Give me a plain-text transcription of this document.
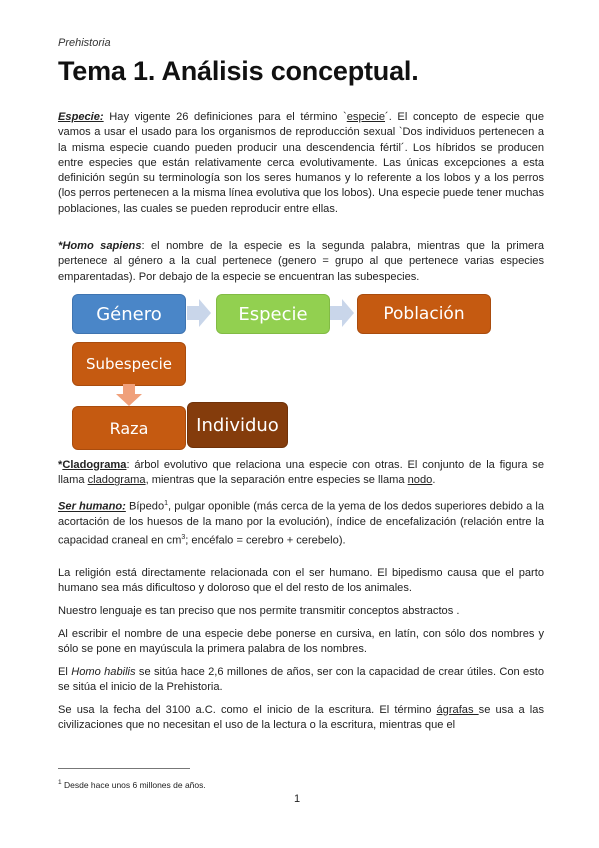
Prehistoria
Tema 1. Análisis conceptual.

Especie: Hay vigente 26 definiciones para el término `especie´. El concepto de especie que vamos a usar el usado para los organismos de reproducción sexual `Dos individuos pertenecen a la misma especie cuando pueden producir una descendencia fértil´. Los híbridos se producen entre especies que están relativamente cerca evolutivamente. Las únicas excepciones a esta definición según su terminología son los seres humanos y lo referente a los lobos y a los perros (los perros pertenecen a la misma línea evolutiva que los lobos). Una especie puede tener muchas poblaciones, las cuales se pueden reproducir entre ellas.

*Homo sapiens: el nombre de la especie es la segunda palabra, mientras que la primera pertenece al género a la cual pertenece (genero = grupo al que pertenece varias especies emparentadas). Por debajo de la especie se encuentran las subespecies.

Género	Especie	Población
Subespecie
Raza	Individuo

*Cladograma: árbol evolutivo que relaciona una especie con otras. El conjunto de la figura se llama cladograma, mientras que la separación entre especies se llama nodo.

Ser humano: Bípedo$^1$, pulgar oponible (más cerca de la yema de los dedos superiores debido a la acortación de los huesos de la mano por la evolución), índice de encefalización (relación entre la capacidad craneal en $cm^3$; encéfalo = cerebro + cerebelo).

La religión está directamente relacionada con el ser humano. El bipedismo causa que el parto humano sea más dificultoso y doloroso que el del resto de los animales.

Nuestro lenguaje es tan preciso que nos permite transmitir conceptos abstractos .

Al escribir el nombre de una especie debe ponerse en cursiva, en latín, con sólo dos nombres y sólo se pone en mayúscula la primera palabra de los nombres.

El Homo habilis se sitúa hace 2,6 millones de años, ser con la capacidad de crear útiles. Con esto se sitúa el inicio de la Prehistoria.

Se usa la fecha del 3100 a.C. como el inicio de la escritura. El término ágrafas se usa a las civilizaciones que no necesitan el uso de la lectura o la escritura, mientras que el

$^1$ Desde hace unos 6 millones de años.
1
